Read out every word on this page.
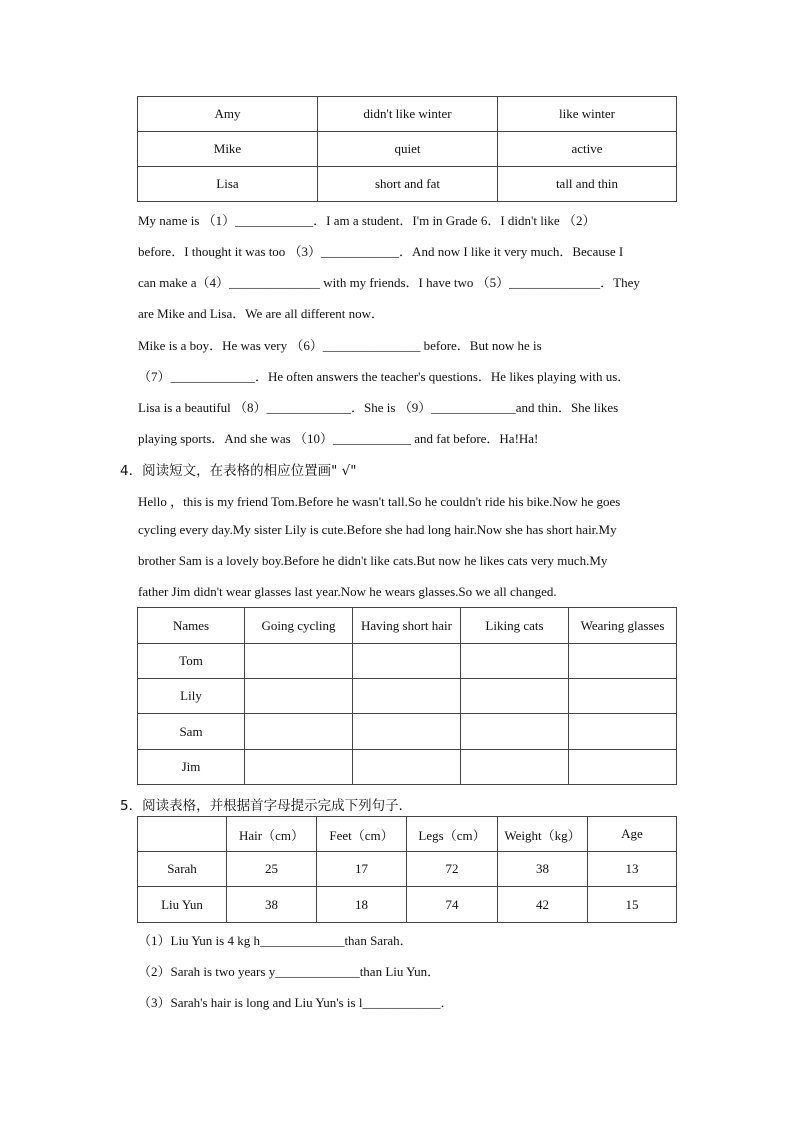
Amy	didn't like winter	like winter
Mike	quiet	active
Lisa	short and fat	tall and thin
My name is （1）____________．I am a student．I'm in Grade 6．I didn't like （2）
before．I thought it was too （3）____________．And now I like it very much．Because I
can make a（4）______________ with my friends．I have two （5）______________．They
are Mike and Lisa．We are all different now．
Mike is a boy．He was very （6）_______________ before．But now he is
（7）_____________．He often answers the teacher's questions．He likes playing with us．
Lisa is a beautiful （8）_____________．She is （9）_____________and thin．She likes
playing sports．And she was （10）____________ and fat before．Ha!Ha!
4．阅读短文，在表格的相应位置画" √"
Hello ，this is my friend Tom.Before he wasn't tall.So he couldn't ride his bike.Now he goes
cycling every day.My sister Lily is cute.Before she had long hair.Now she has short hair.My
brother Sam is a lovely boy.Before he didn't like cats.But now he likes cats very much.My
father Jim didn't wear glasses last year.Now he wears glasses.So we all changed.
Names	Going cycling	Having short hair	Liking cats	Wearing glasses
Tom				
Lily				
Sam				
Jim				
5．阅读表格，并根据首字母提示完成下列句子．
	Hair（cm）	Feet（cm）	Legs（cm）	Weight（kg）	Age
Sarah	25	17	72	38	13
Liu Yun	38	18	74	42	15
（1）Liu Yun is 4 kg h_____________than Sarah．
（2）Sarah is two years y_____________than Liu Yun．
（3）Sarah's hair is long and Liu Yun's is l____________．
